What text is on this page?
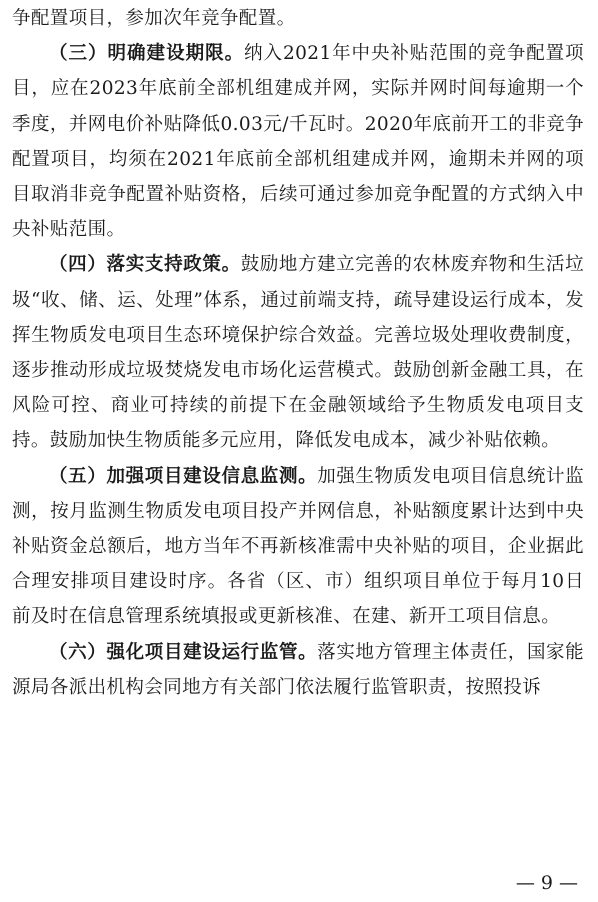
争配置项目，参加次年竞争配置。

（三）明确建设期限。纳入2021年中央补贴范围的竞争配置项目，应在2023年底前全部机组建成并网，实际并网时间每逾期一个季度，并网电价补贴降低0.03元/千瓦时。2020年底前开工的非竞争配置项目，均须在2021年底前全部机组建成并网，逾期未并网的项目取消非竞争配置补贴资格，后续可通过参加竞争配置的方式纳入中央补贴范围。

（四）落实支持政策。鼓励地方建立完善的农林废弃物和生活垃圾“收、储、运、处理”体系，通过前端支持，疏导建设运行成本，发挥生物质发电项目生态环境保护综合效益。完善垃圾处理收费制度，逐步推动形成垃圾焚烧发电市场化运营模式。鼓励创新金融工具，在风险可控、商业可持续的前提下在金融领域给予生物质发电项目支持。鼓励加快生物质能多元应用，降低发电成本，减少补贴依赖。

（五）加强项目建设信息监测。加强生物质发电项目信息统计监测，按月监测生物质发电项目投产并网信息，补贴额度累计达到中央补贴资金总额后，地方当年不再新核准需中央补贴的项目，企业据此合理安排项目建设时序。各省（区、市）组织项目单位于每月10日前及时在信息管理系统填报或更新核准、在建、新开工项目信息。

（六）强化项目建设运行监管。落实地方管理主体责任，国家能源局各派出机构会同地方有关部门依法履行监管职责，按照投诉

— 9 —
